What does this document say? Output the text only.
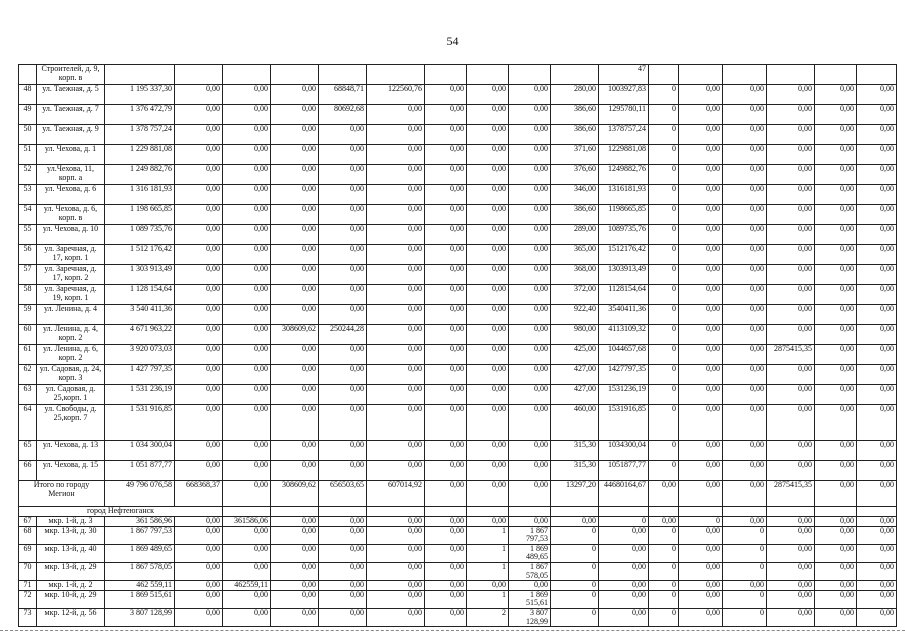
54
	Строителей, д. 9, корп. в											47						
48	ул. Таежная, д. 5	1 195 337,30	0,00	0,00	0,00	68848,71	122560,76	0,00	0,00	0,00	280,00	1003927,83	0	0,00	0,00	0,00	0,00	0,00
49	ул. Таежная, д. 7	1 376 472,79	0,00	0,00	0,00	80692,68	0,00	0,00	0,00	0,00	386,60	1295780,11	0	0,00	0,00	0,00	0,00	0,00
50	ул. Таежная, д. 9	1 378 757,24	0,00	0,00	0,00	0,00	0,00	0,00	0,00	0,00	386,60	1378757,24	0	0,00	0,00	0,00	0,00	0,00
51	ул. Чехова, д. 1	1 229 881,08	0,00	0,00	0,00	0,00	0,00	0,00	0,00	0,00	371,60	1229881,08	0	0,00	0,00	0,00	0,00	0,00
52	ул.Чехова, 11, корп. а	1 249 882,76	0,00	0,00	0,00	0,00	0,00	0,00	0,00	0,00	376,60	1249882,76	0	0,00	0,00	0,00	0,00	0,00
53	ул. Чехова, д. 6	1 316 181,93	0,00	0,00	0,00	0,00	0,00	0,00	0,00	0,00	346,00	1316181,93	0	0,00	0,00	0,00	0,00	0,00
54	ул. Чехова, д. 6, корп. в	1 198 665,85	0,00	0,00	0,00	0,00	0,00	0,00	0,00	0,00	386,60	1198665,85	0	0,00	0,00	0,00	0,00	0,00
55	ул. Чехова, д. 10	1 089 735,76	0,00	0,00	0,00	0,00	0,00	0,00	0,00	0,00	289,00	1089735,76	0	0,00	0,00	0,00	0,00	0,00
56	ул. Заречная, д. 17, корп. 1	1 512 176,42	0,00	0,00	0,00	0,00	0,00	0,00	0,00	0,00	365,00	1512176,42	0	0,00	0,00	0,00	0,00	0,00
57	ул. Заречная, д. 17, корп. 2	1 303 913,49	0,00	0,00	0,00	0,00	0,00	0,00	0,00	0,00	368,00	1303913,49	0	0,00	0,00	0,00	0,00	0,00
58	ул. Заречная, д. 19, корп. 1	1 128 154,64	0,00	0,00	0,00	0,00	0,00	0,00	0,00	0,00	372,00	1128154,64	0	0,00	0,00	0,00	0,00	0,00
59	ул. Ленина, д. 4	3 540 411,36	0,00	0,00	0,00	0,00	0,00	0,00	0,00	0,00	922,40	3540411,36	0	0,00	0,00	0,00	0,00	0,00
60	ул. Ленина, д. 4, корп. 2	4 671 963,22	0,00	0,00	308609,62	250244,28	0,00	0,00	0,00	0,00	980,00	4113109,32	0	0,00	0,00	0,00	0,00	0,00
61	ул. Ленина, д. 6, корп. 2	3 920 073,03	0,00	0,00	0,00	0,00	0,00	0,00	0,00	0,00	425,00	1044657,68	0	0,00	0,00	2875415,35	0,00	0,00
62	ул. Садовая, д. 24, корп. 3	1 427 797,35	0,00	0,00	0,00	0,00	0,00	0,00	0,00	0,00	427,00	1427797,35	0	0,00	0,00	0,00	0,00	0,00
63	ул. Садовая, д. 25,корп. 1	1 531 236,19	0,00	0,00	0,00	0,00	0,00	0,00	0,00	0,00	427,00	1531236,19	0	0,00	0,00	0,00	0,00	0,00
64	ул. Свободы, д. 25,корп. 7	1 531 916,85	0,00	0,00	0,00	0,00	0,00	0,00	0,00	0,00	460,00	1531916,85	0	0,00	0,00	0,00	0,00	0,00
65	ул. Чехова, д. 13	1 034 300,04	0,00	0,00	0,00	0,00	0,00	0,00	0,00	0,00	315,30	1034300,04	0	0,00	0,00	0,00	0,00	0,00
66	ул. Чехова, д. 15	1 051 877,77	0,00	0,00	0,00	0,00	0,00	0,00	0,00	0,00	315,30	1051877,77	0	0,00	0,00	0,00	0,00	0,00
Итого по городу Мегион		49 796 076,58	668368,37	0,00	308609,62	656503,65	607014,92	0,00	0,00	0,00	13297,20	44680164,67	0,00	0,00	0,00	2875415,35	0,00	0,00
город Нефтеюганск																		
67	мкр. 1-й, д. 3	361 586,96	0,00	361586,06	0,00	0,00	0,00	0,00	0,00	0,00	0,00	0	0,00	0	0,00	0,00	0,00	0,00
68	мкр. 13-й, д. 30	1 867 797,53	0,00	0,00	0,00	0,00	0,00	0,00	1	1 867 797,53	0	0,00	0	0,00	0	0,00	0,00	0,00
69	мкр. 13-й, д. 40	1 869 489,65	0,00	0,00	0,00	0,00	0,00	0,00	1	1 869 489,65	0	0,00	0	0,00	0	0,00	0,00	0,00
70	мкр. 13-й, д. 29	1 867 578,05	0,00	0,00	0,00	0,00	0,00	0,00	1	1 867 578,05	0	0,00	0	0,00	0	0,00	0,00	0,00
71	мкр. 1-й, д. 2	462 559,11	0,00	462559,11	0,00	0,00	0,00	0,00	0,00	0,00	0	0,00	0	0,00	0,00	0,00	0,00	0,00
72	мкр. 10-й, д. 29	1 869 515,61	0,00	0,00	0,00	0,00	0,00	0,00	1	1 869 515,61	0	0,00	0	0,00	0	0,00	0,00	0,00
73	мкр. 12-й, д. 56	3 807 128,99	0,00	0,00	0,00	0,00	0,00	0,00	2	3 807 128,99	0	0,00	0	0,00	0	0,00	0,00	0,00
